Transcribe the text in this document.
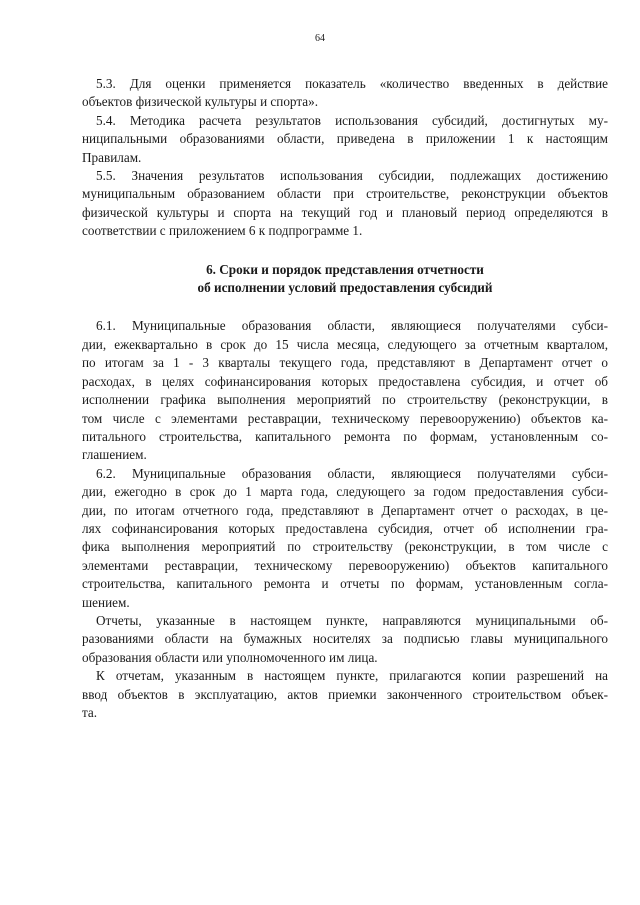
64

5.3. Для оценки применяется показатель «количество введенных в действие
объектов физической культуры и спорта».

5.4. Методика расчета результатов использования субсидий, достигнутых му-
ниципальными образованиями области, приведена в приложении 1 к настоящим
Правилам.

5.5. Значения результатов использования субсидии, подлежащих достижению
муниципальным образованием области при строительстве, реконструкции объектов
физической культуры и спорта на текущий год и плановый период определяются в
соответствии с приложением 6 к подпрограмме 1.

6. Сроки и порядок представления отчетности
об исполнении условий предоставления субсидий

6.1. Муниципальные образования области, являющиеся получателями субси-
дии, ежеквартально в срок до 15 числа месяца, следующего за отчетным кварталом,
по итогам за 1 - 3 кварталы текущего года, представляют в Департамент отчет о
расходах, в целях софинансирования которых предоставлена субсидия, и отчет об
исполнении графика выполнения мероприятий по строительству (реконструкции, в
том числе с элементами реставрации, техническому перевооружению) объектов ка-
питального строительства, капитального ремонта по формам, установленным со-
глашением.

6.2. Муниципальные образования области, являющиеся получателями субси-
дии, ежегодно в срок до 1 марта года, следующего за годом предоставления субси-
дии, по итогам отчетного года, представляют в Департамент отчет о расходах, в це-
лях софинансирования которых предоставлена субсидия, отчет об исполнении гра-
фика выполнения мероприятий по строительству (реконструкции, в том числе с
элементами реставрации, техническому перевооружению) объектов капитального
строительства, капитального ремонта и отчеты по формам, установленным согла-
шением.

Отчеты, указанные в настоящем пункте, направляются муниципальными об-
разованиями области на бумажных носителях за подписью главы муниципального
образования области или уполномоченного им лица.

К отчетам, указанным в настоящем пункте, прилагаются копии разрешений на
ввод объектов в эксплуатацию, актов приемки законченного строительством объек-
та.
